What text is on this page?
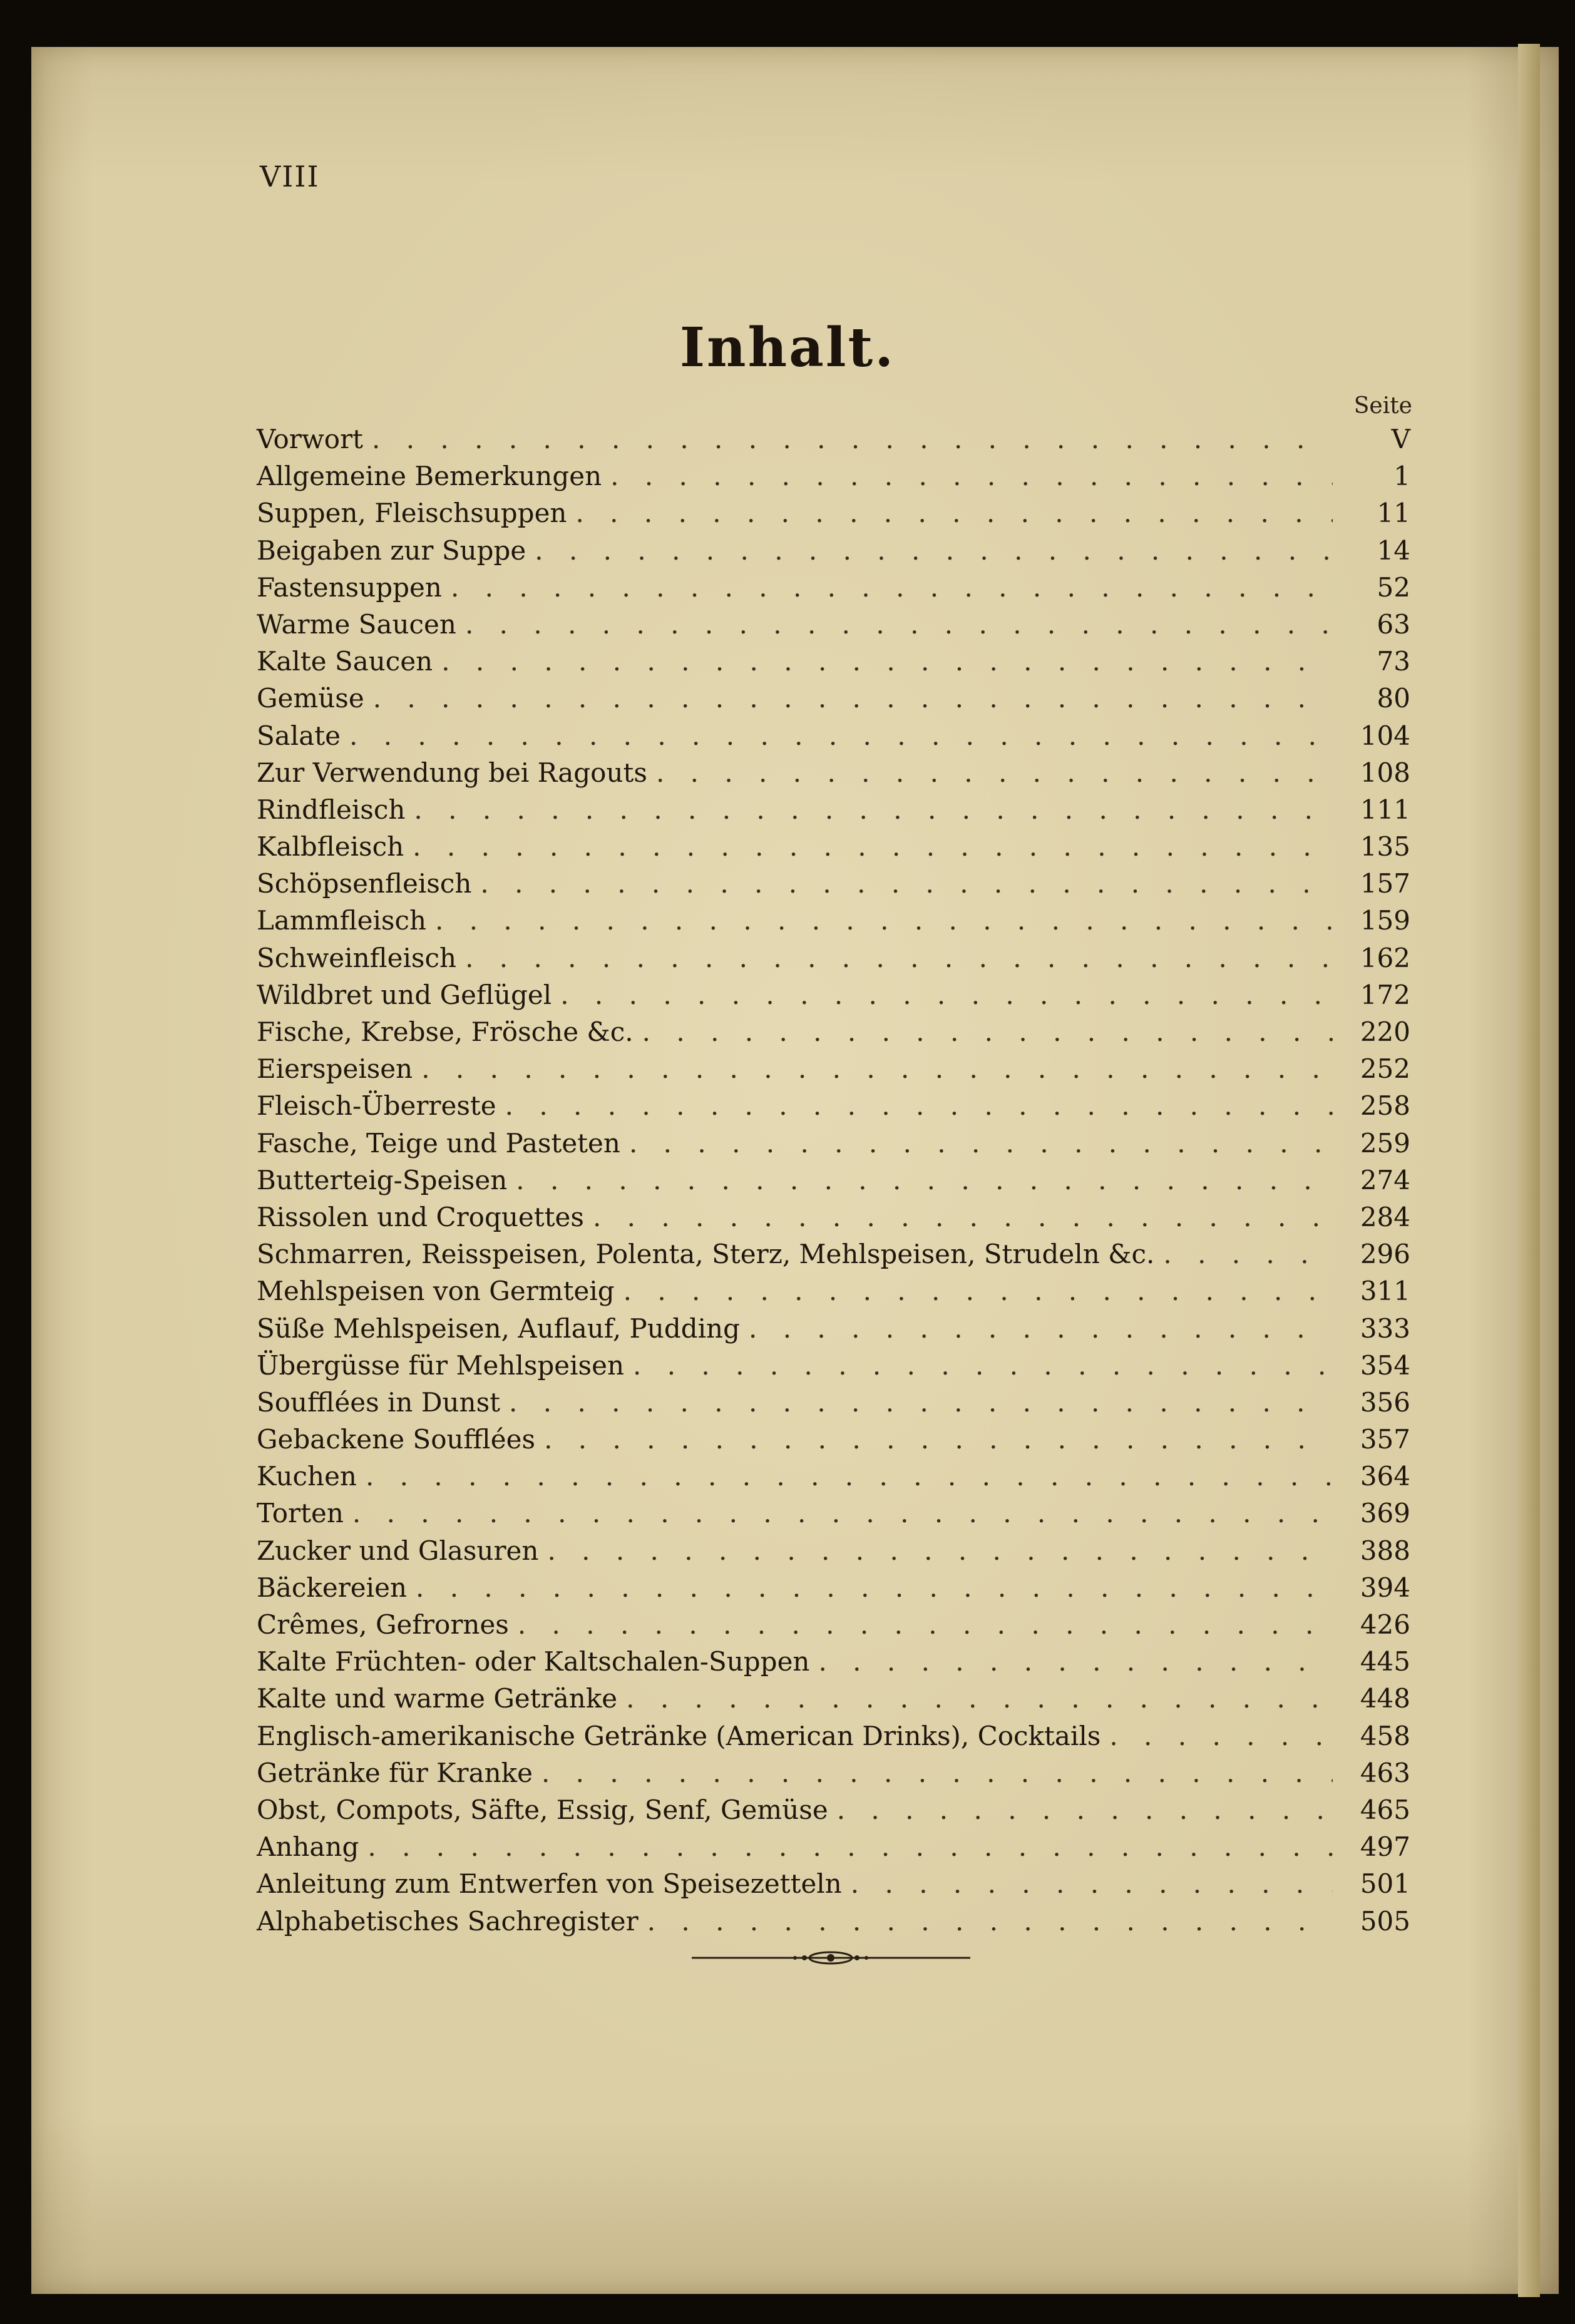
VIII
Inhalt.
Seite
Vorwort . . .	V
Allgemeine Bemerkungen . . .	1
Suppen, Fleischsuppen . . .	11
Beigaben zur Suppe . . .	14
Fastensuppen . . .	52
Warme Saucen . . .	63
Kalte Saucen . . .	73
Gemüse . . .	80
Salate . . .	104
Zur Verwendung bei Ragouts . . .	108
Rindfleisch . . .	111
Kalbfleisch . . .	135
Schöpsenfleisch . . .	157
Lammfleisch . . .	159
Schweinfleisch . . .	162
Wildbret und Geflügel . . .	172
Fische, Krebse, Frösche &c. . . .	220
Eierspeisen . . .	252
Fleisch-Überreste . . .	258
Fasche, Teige und Pasteten . . .	259
Butterteig-Speisen . . .	274
Rissolen und Croquettes . . .	284
Schmarren, Reisspeisen, Polenta, Sterz, Mehlspeisen, Strudeln &c. . . .	296
Mehlspeisen von Germteig . . .	311
Süße Mehlspeisen, Auflauf, Pudding . . .	333
Übergüsse für Mehlspeisen . . .	354
Soufflées in Dunst . . .	356
Gebackene Soufflées . . .	357
Kuchen . . .	364
Torten . . .	369
Zucker und Glasuren . . .	388
Bäckereien . . .	394
Crêmes, Gefrornes . . .	426
Kalte Früchten- oder Kaltschalen-Suppen . . .	445
Kalte und warme Getränke . . .	448
Englisch-amerikanische Getränke (American Drinks), Cocktails . . .	458
Getränke für Kranke . . .	463
Obst, Compots, Säfte, Essig, Senf, Gemüse . . .	465
Anhang . . .	497
Anleitung zum Entwerfen von Speisezetteln . . .	501
Alphabetisches Sachregister . . .	505
